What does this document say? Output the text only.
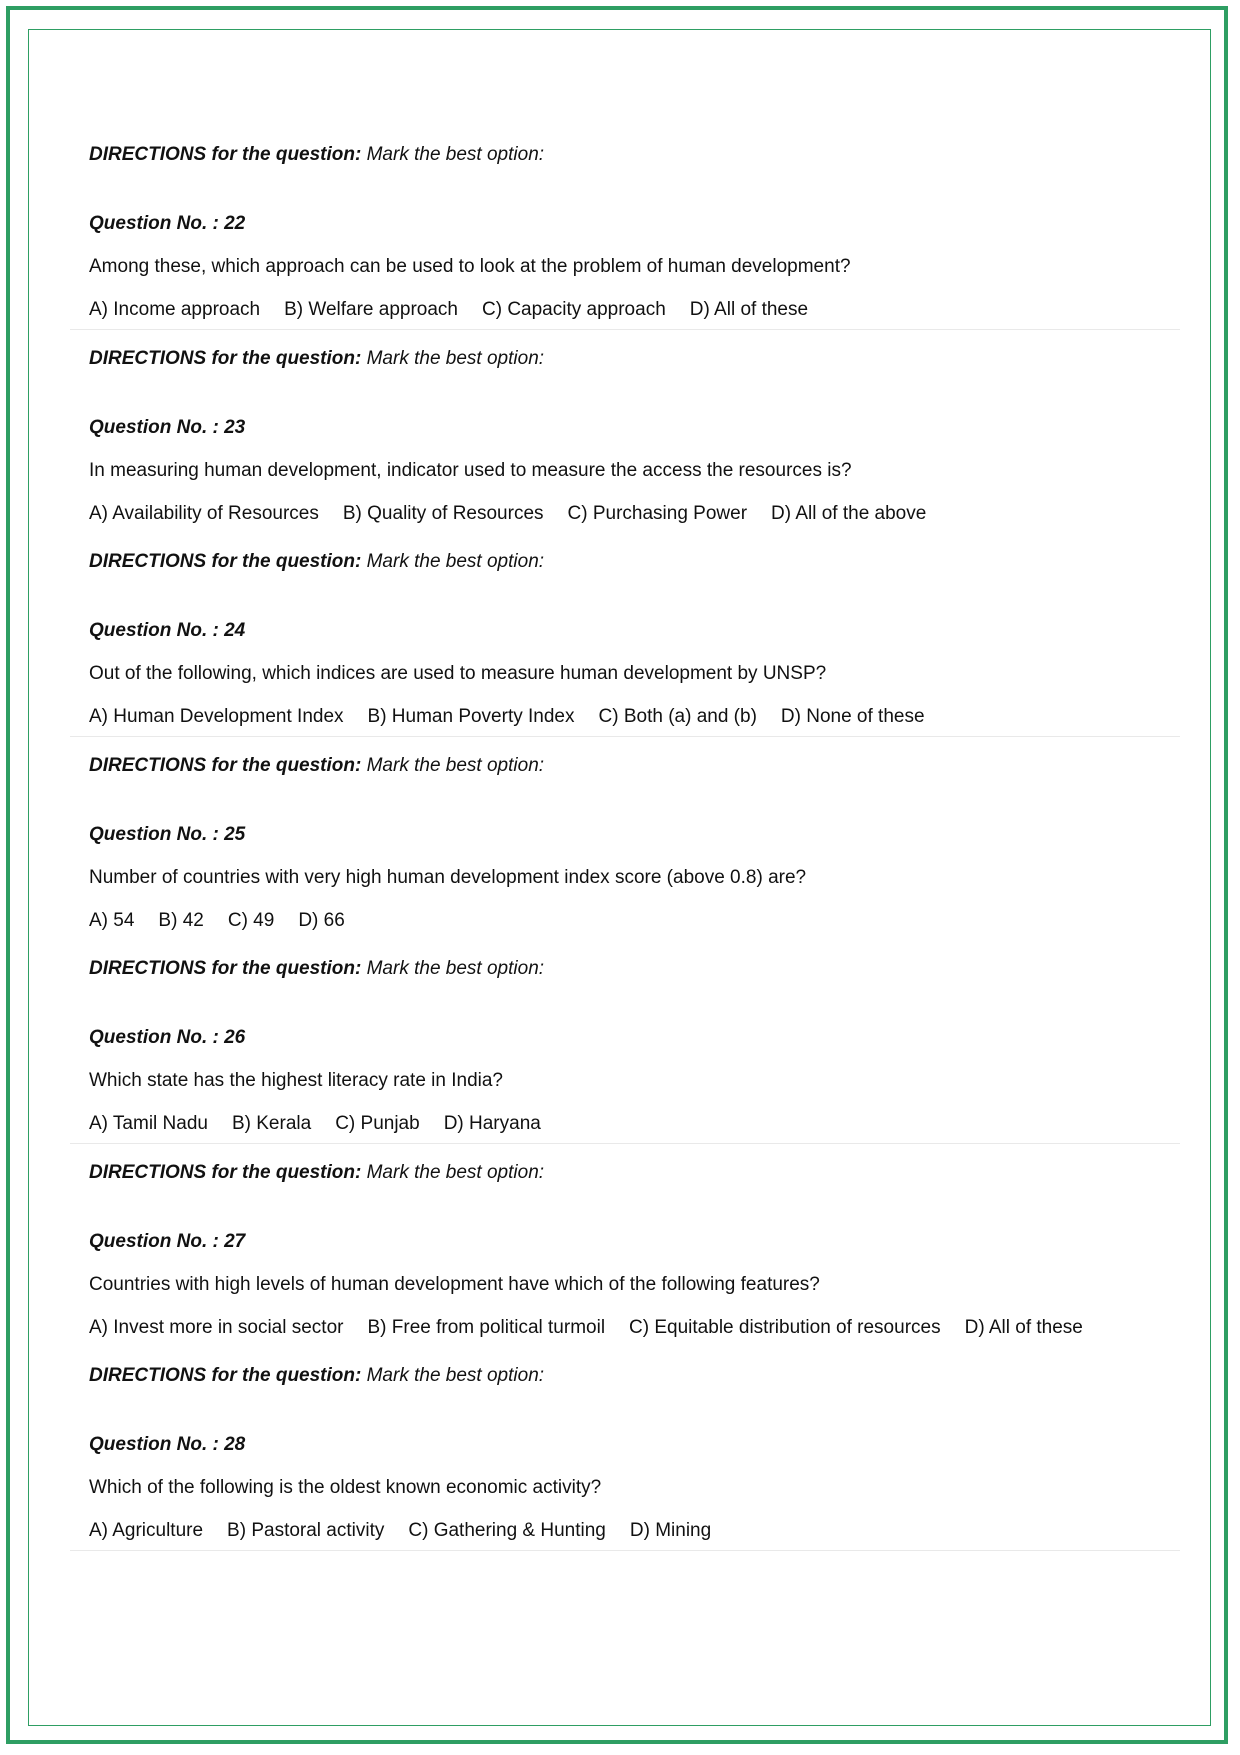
DIRECTIONS for the question: Mark the best option:
Question No. : 22
Among these, which approach can be used to look at the problem of human development?
A) Income approach B) Welfare approach C) Capacity approach D) All of these
DIRECTIONS for the question: Mark the best option:
Question No. : 23
In measuring human development, indicator used to measure the access the resources is?
A) Availability of Resources B) Quality of Resources C) Purchasing Power D) All of the above
DIRECTIONS for the question: Mark the best option:
Question No. : 24
Out of the following, which indices are used to measure human development by UNSP?
A) Human Development Index B) Human Poverty Index C) Both (a) and (b) D) None of these
DIRECTIONS for the question: Mark the best option:
Question No. : 25
Number of countries with very high human development index score (above 0.8) are?
A) 54 B) 42 C) 49 D) 66
DIRECTIONS for the question: Mark the best option:
Question No. : 26
Which state has the highest literacy rate in India?
A) Tamil Nadu B) Kerala C) Punjab D) Haryana
DIRECTIONS for the question: Mark the best option:
Question No. : 27
Countries with high levels of human development have which of the following features?
A) Invest more in social sector B) Free from political turmoil C) Equitable distribution of resources D) All of these
DIRECTIONS for the question: Mark the best option:
Question No. : 28
Which of the following is the oldest known economic activity?
A) Agriculture B) Pastoral activity C) Gathering & Hunting D) Mining
